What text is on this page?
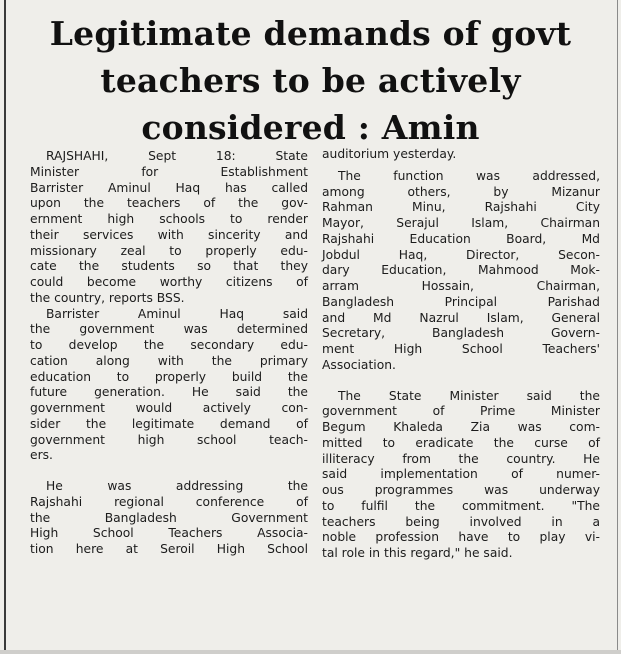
Legitimate demands of govt
teachers to be actively
considered : Amin

RAJSHAHI, Sept 18: State
Minister for Establishment
Barrister Aminul Haq has called
upon the teachers of the gov-
ernment high schools to render
their services with sincerity and
missionary zeal to properly edu-
cate the students so that they
could become worthy citizens of
the country, reports BSS.

Barrister Aminul Haq said
the government was determined
to develop the secondary edu-
cation along with the primary
education to properly build the
future generation. He said the
government would actively con-
sider the legitimate demand of
government high school teach-
ers.

He was addressing the
Rajshahi regional conference of
the Bangladesh Government
High School Teachers Associa-
tion here at Seroil High School

auditorium yesterday.

The function was addressed,
among others, by Mizanur
Rahman Minu, Rajshahi City
Mayor, Serajul Islam, Chairman
Rajshahi Education Board, Md
Jobdul Haq, Director, Secon-
dary Education, Mahmood Mok-
arram Hossain, Chairman,
Bangladesh Principal Parishad
and Md Nazrul Islam, General
Secretary, Bangladesh Govern-
ment High School Teachers'
Association.

The State Minister said the
government of Prime Minister
Begum Khaleda Zia was com-
mitted to eradicate the curse of
illiteracy from the country. He
said implementation of numer-
ous programmes was underway
to fulfil the commitment. "The
teachers being involved in a
noble profession have to play vi-
tal role in this regard," he said.
